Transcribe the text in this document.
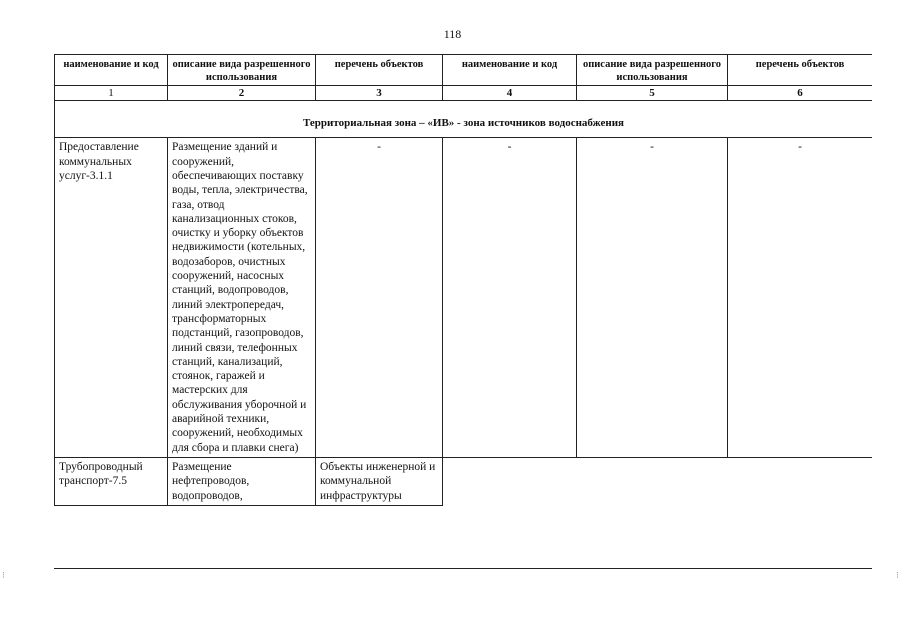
118
наименование и код	описание вида разрешенного использования	перечень объектов	наименование и код	описание вида разрешенного использования	перечень объектов
1	2	3	4	5	6
Территориальная зона – «ИВ» - зона источников водоснабжения					
Предоставление коммунальных услуг-3.1.1	Размещение зданий и сооружений, обеспечивающих поставку воды, тепла, электричества, газа, отвод канализационных стоков, очистку и уборку объектов недвижимости (котельных, водозаборов, очистных сооружений, насосных станций, водопроводов, линий электропередач, трансформаторных подстанций, газопроводов, линий связи, телефонных станций, канализаций, стоянок, гаражей и мастерских для обслуживания уборочной и аварийной техники, сооружений, необходимых для сбора и плавки снега)	-	-	-	-
Трубопроводный транспорт-7.5	Размещение нефтепроводов, водопроводов,	Объекты инженерной и коммунальной инфраструктуры			
⁝	⁝
